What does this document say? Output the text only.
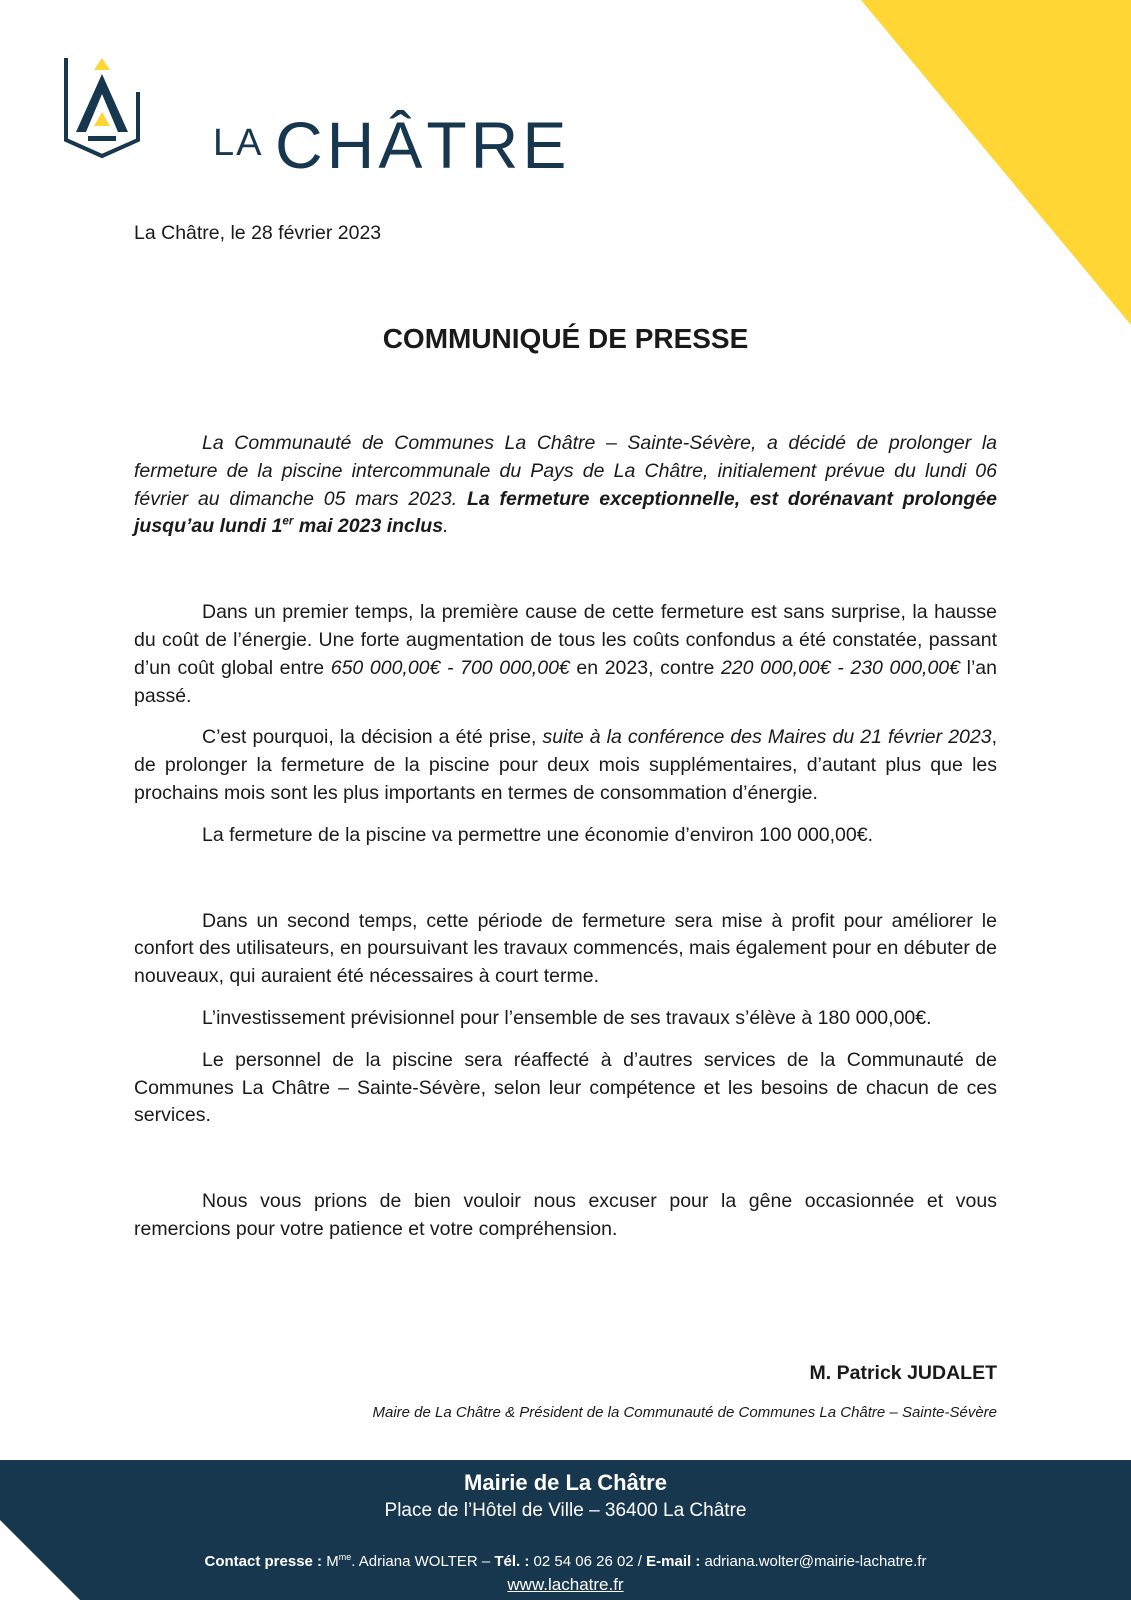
LA CHÂTRE
La Châtre, le 28 février 2023
COMMUNIQUÉ DE PRESSE

La Communauté de Communes La Châtre – Sainte-Sévère, a décidé de prolonger la fermeture de la piscine intercommunale du Pays de La Châtre, initialement prévue du lundi 06 février au dimanche 05 mars 2023. La fermeture exceptionnelle, est dorénavant prolongée jusqu’au lundi 1er mai 2023 inclus.

Dans un premier temps, la première cause de cette fermeture est sans surprise, la hausse du coût de l’énergie. Une forte augmentation de tous les coûts confondus a été constatée, passant d’un coût global entre 650 000,00€ - 700 000,00€ en 2023, contre 220 000,00€ - 230 000,00€ l’an passé.

C’est pourquoi, la décision a été prise, suite à la conférence des Maires du 21 février 2023, de prolonger la fermeture de la piscine pour deux mois supplémentaires, d’autant plus que les prochains mois sont les plus importants en termes de consommation d’énergie.

La fermeture de la piscine va permettre une économie d’environ 100 000,00€.

Dans un second temps, cette période de fermeture sera mise à profit pour améliorer le confort des utilisateurs, en poursuivant les travaux commencés, mais également pour en débuter de nouveaux, qui auraient été nécessaires à court terme.

L’investissement prévisionnel pour l’ensemble de ses travaux s’élève à 180 000,00€.

Le personnel de la piscine sera réaffecté à d’autres services de la Communauté de Communes La Châtre – Sainte-Sévère, selon leur compétence et les besoins de chacun de ces services.

Nous vous prions de bien vouloir nous excuser pour la gêne occasionnée et vous remercions pour votre patience et votre compréhension.

M. Patrick JUDALET
Maire de La Châtre & Président de la Communauté de Communes La Châtre – Sainte-Sévère
Mairie de La Châtre
Place de l’Hôtel de Ville – 36400 La Châtre
Contact presse : $M^{me}$. Adriana WOLTER – Tél. : 02 54 06 26 02 / E-mail : adriana.wolter@mairie-lachatre.fr
www.lachatre.fr
